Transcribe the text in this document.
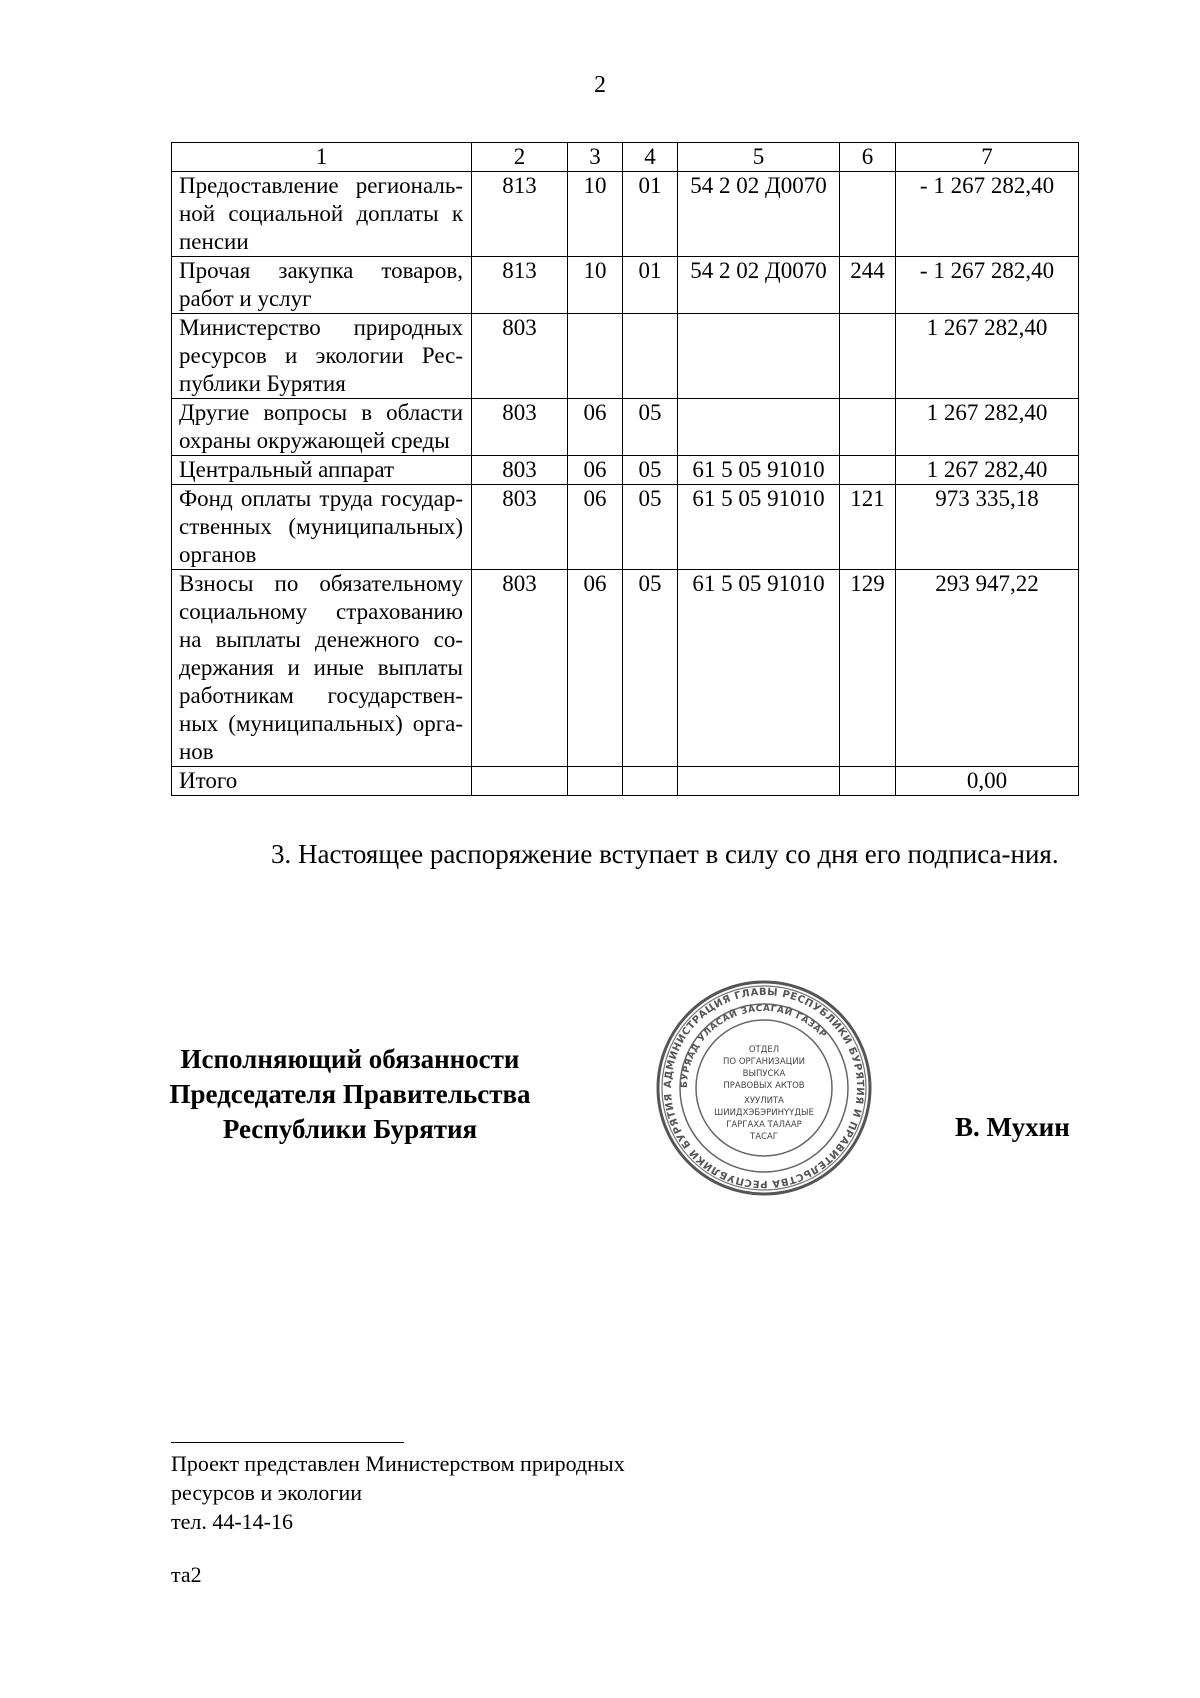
2
1	2	3	4	5	6	7
Предоставление региональ-ной социальной доплаты к пенсии	813	10	01	54 2 02 Д0070		- 1 267 282,40
Прочая закупка товаров, работ и услуг	813	10	01	54 2 02 Д0070	244	- 1 267 282,40
Министерство природных ресурсов и экологии Рес-публики Бурятия	803					1 267 282,40
Другие вопросы в области охраны окружающей среды	803	06	05			1 267 282,40
Центральный аппарат	803	06	05	61 5 05 91010		1 267 282,40
Фонд оплаты труда государ-ственных (муниципальных) органов	803	06	05	61 5 05 91010	121	973 335,18
Взносы по обязательному социальному страхованию на выплаты денежного со-держания и иные выплаты работникам государствен-ных (муниципальных) орга-нов	803	06	05	61 5 05 91010	129	293 947,22
Итого						0,00
3. Настоящее распоряжение вступает в силу со дня его подписа-ния.
Исполняющий обязанности
Председателя Правительства
Республики Бурятия
АДМИНИСТРАЦИЯ ГЛАВЫ РЕСПУБЛИКИ БУРЯТИЯ И ПРАВИТЕЛЬСТВА РЕСПУБЛИКИ БУРЯТИЯ
БУРЯАД УЛАСАЙ ЗАСАГАЙ ГАЗАР
ОТДЕЛ
ПО ОРГАНИЗАЦИИ
ВЫПУСКА
ПРАВОВЫХ АКТОВ
ХУУЛИТА
ШИИДХЭБЭРИНҮҮДЫЕ
ГАРГАХА ТАЛААР
ТАСАГ	В. Мухин
Проект представлен Министерством природных
ресурсов и экологии
тел. 44-14-16
та2
